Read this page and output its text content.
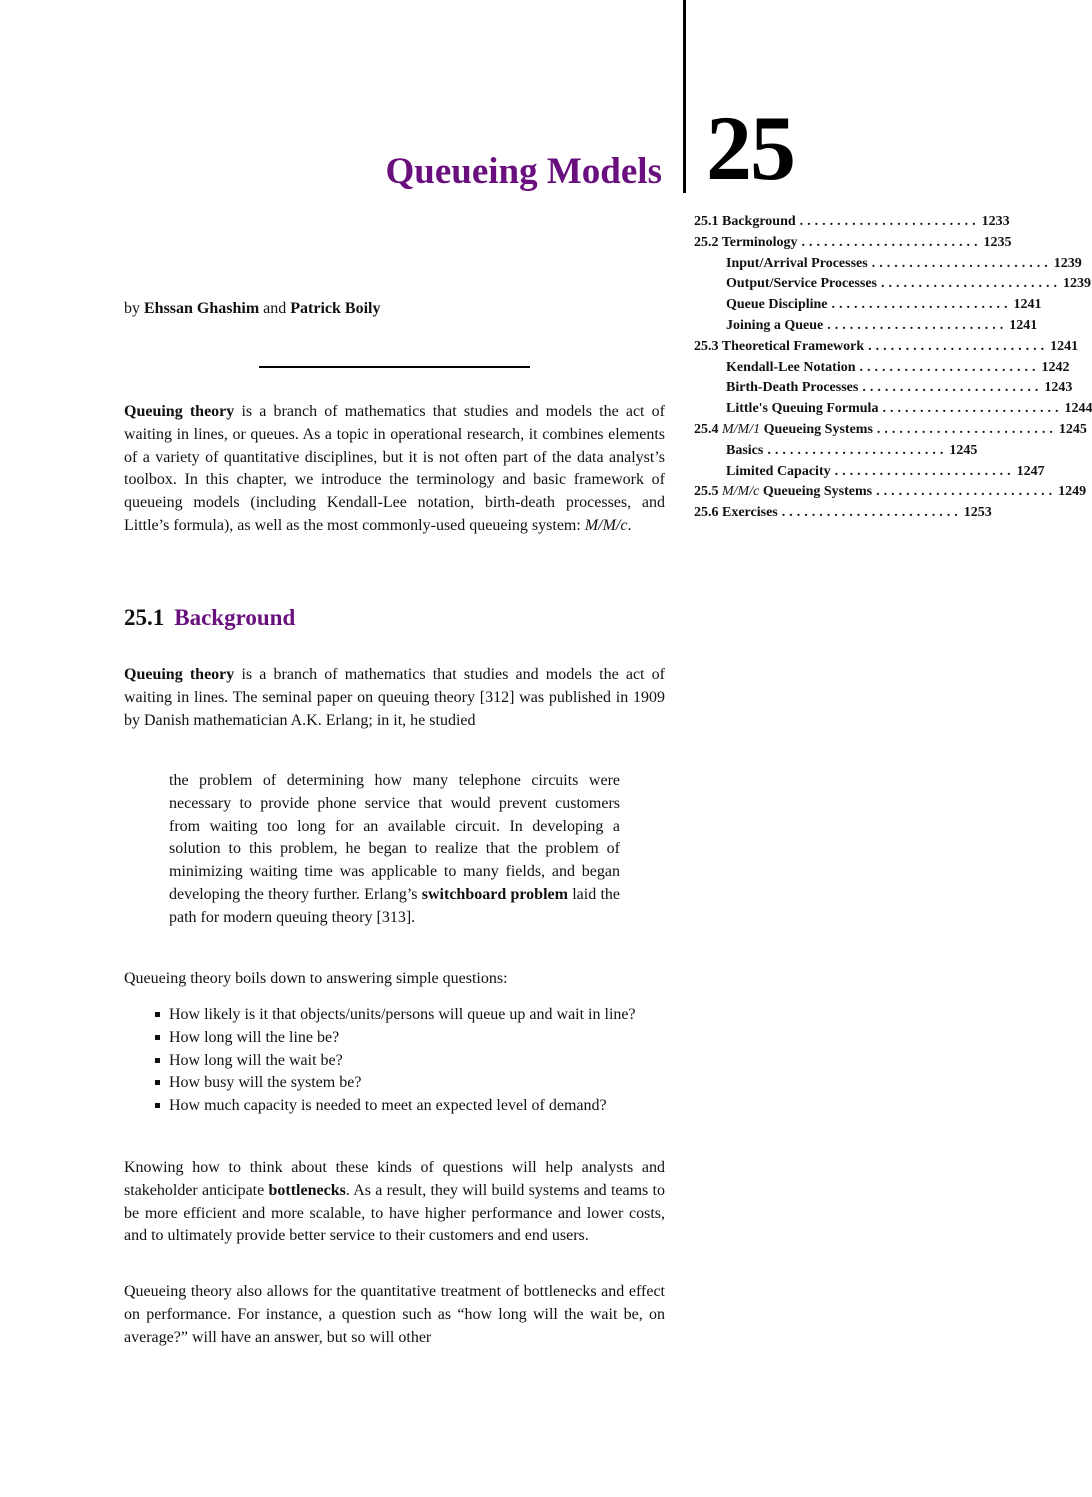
Queueing Models 25
25.1 Background ........................ 1233
25.2 Terminology ........................ 1235
Input/Arrival Processes ........................ 1239
Output/Service Processes ........................ 1239
Queue Discipline ........................ 1241
Joining a Queue ........................ 1241
25.3 Theoretical Framework ........................ 1241
Kendall-Lee Notation ........................ 1242
Birth-Death Processes ........................ 1243
Little's Queuing Formula ........................ 1244
25.4 M/M/1 Queueing Systems ........................ 1245
Basics ........................ 1245
Limited Capacity ........................ 1247
25.5 M/M/c Queueing Systems ........................ 1249
25.6 Exercises ........................ 1253
by Ehssan Ghashim and Patrick Boily
Queuing theory is a branch of mathematics that studies and models the act of waiting in lines, or queues. As a topic in operational research, it combines elements of a variety of quantitative disciplines, but it is not often part of the data analyst’s toolbox. In this chapter, we introduce the terminology and basic framework of queueing models (including Kendall-Lee notation, birth-death processes, and Little’s formula), as well as the most commonly-used queueing system: M/M/c.
25.1 Background
Queuing theory is a branch of mathematics that studies and models the act of waiting in lines. The seminal paper on queuing theory [312] was published in 1909 by Danish mathematician A.K. Erlang; in it, he studied
the problem of determining how many telephone circuits were necessary to provide phone service that would prevent customers from waiting too long for an available circuit. In developing a solution to this problem, he began to realize that the problem of minimizing waiting time was applicable to many fields, and began developing the theory further. Erlang’s switchboard problem laid the path for modern queuing theory [313].
Queueing theory boils down to answering simple questions:
How likely is it that objects/units/persons will queue up and wait in line?
How long will the line be?
How long will the wait be?
How busy will the system be?
How much capacity is needed to meet an expected level of demand?
Knowing how to think about these kinds of questions will help analysts and stakeholder anticipate bottlenecks. As a result, they will build systems and teams to be more efficient and more scalable, to have higher performance and lower costs, and to ultimately provide better service to their customers and end users.
Queueing theory also allows for the quantitative treatment of bottlenecks and effect on performance. For instance, a question such as “how long will the wait be, on average?” will have an answer, but so will other
